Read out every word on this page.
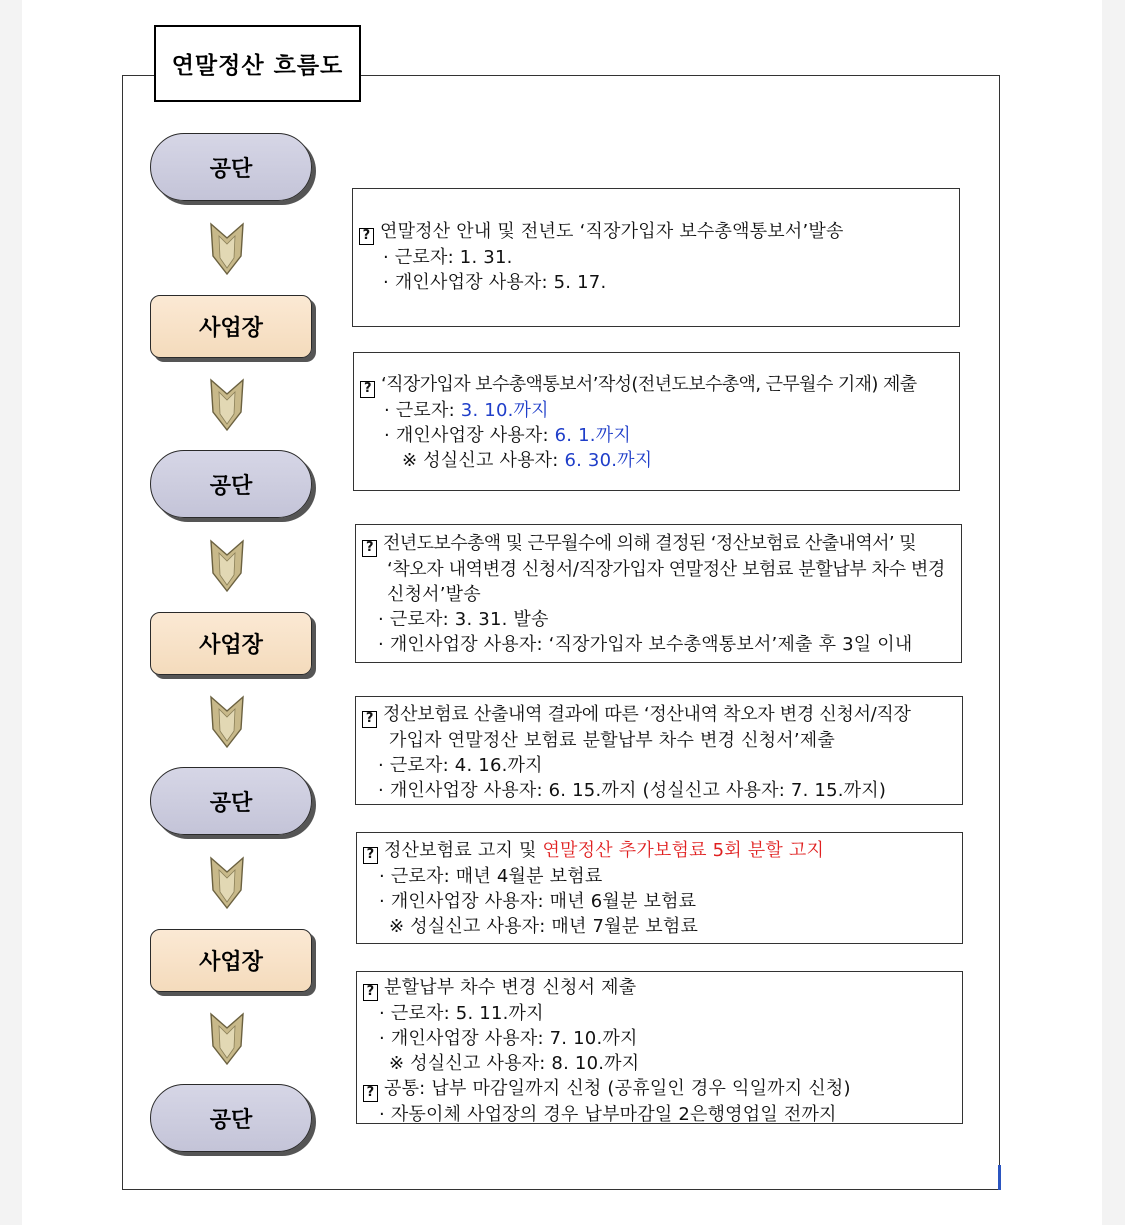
연말정산 흐름도
공단
사업장
공단
사업장
공단
사업장
공단
? 연말정산 안내 및 전년도 ‘직장가입자 보수총액통보서’발송
· 근로자: 1. 31.
· 개인사업장 사용자: 5. 17.
? ‘직장가입자 보수총액통보서’작성(전년도보수총액, 근무월수 기재) 제출
· 근로자: 3. 10.까지
· 개인사업장 사용자: 6. 1.까지
※ 성실신고 사용자: 6. 30.까지
? 전년도보수총액 및 근무월수에 의해 결정된 ‘정산보험료 산출내역서’ 및
‘착오자 내역변경 신청서/직장가입자 연말정산 보험료 분할납부 차수 변경
신청서’발송
· 근로자: 3. 31. 발송
· 개인사업장 사용자: ‘직장가입자 보수총액통보서’제출 후 3일 이내
? 정산보험료 산출내역 결과에 따른 ‘정산내역 착오자 변경 신청서/직장
가입자 연말정산 보험료 분할납부 차수 변경 신청서’제출
· 근로자: 4. 16.까지
· 개인사업장 사용자: 6. 15.까지 (성실신고 사용자: 7. 15.까지)
? 정산보험료 고지 및 연말정산 추가보험료 5회 분할 고지
· 근로자: 매년 4월분 보험료
· 개인사업장 사용자: 매년 6월분 보험료
※ 성실신고 사용자: 매년 7월분 보험료
? 분할납부 차수 변경 신청서 제출
· 근로자: 5. 11.까지
· 개인사업장 사용자: 7. 10.까지
※ 성실신고 사용자: 8. 10.까지
? 공통: 납부 마감일까지 신청 (공휴일인 경우 익일까지 신청)
· 자동이체 사업장의 경우 납부마감일 2은행영업일 전까지
